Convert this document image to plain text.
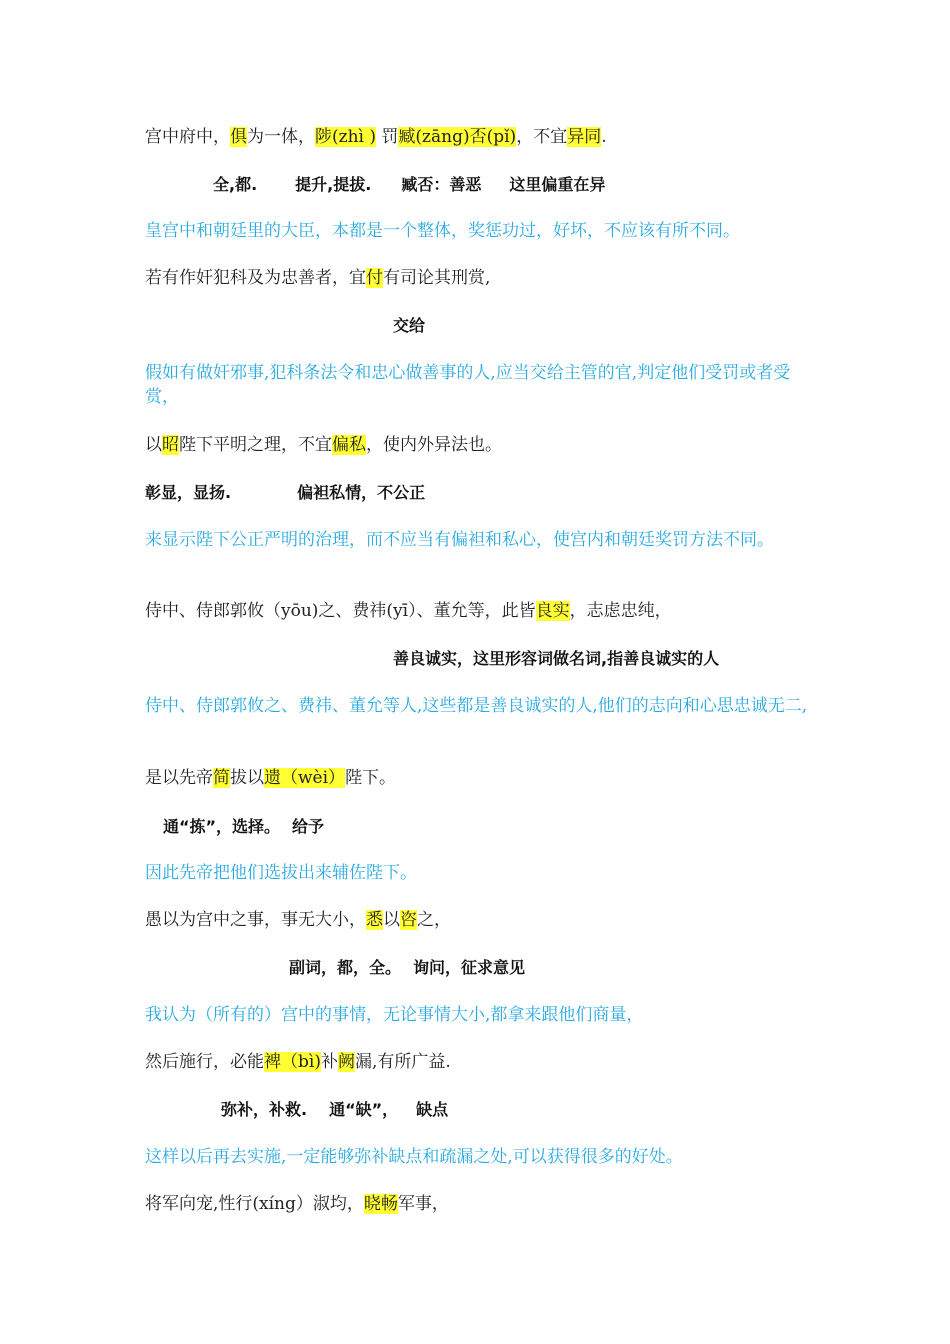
宫中府中，俱为一体，陟(zhì ) 罚臧(zāng)否(pǐ)，不宜异同.
全,都. 提升,提拔. 臧否：善恶 这里偏重在异
皇宫中和朝廷里的大臣，本都是一个整体，奖惩功过，好坏，不应该有所不同。
若有作奸犯科及为忠善者，宜付有司论其刑赏,
交给
假如有做奸邪事,犯科条法令和忠心做善事的人,应当交给主管的官,判定他们受罚或者受赏，
以昭陛下平明之理，不宜偏私，使内外异法也。
彰显，显扬.	偏袒私情，不公正
来显示陛下公正严明的治理，而不应当有偏袒和私心，使宫内和朝廷奖罚方法不同。
侍中、侍郎郭攸（yōu)之、费祎(yī）、董允等，此皆良实，志虑忠纯，
善良诚实，这里形容词做名词,指善良诚实的人
侍中、侍郎郭攸之、费祎、董允等人,这些都是善良诚实的人,他们的志向和心思忠诚无二,
是以先帝简拔以遗（wèi）陛下。
通“拣”，选择。 给予
因此先帝把他们选拔出来辅佐陛下。
愚以为宫中之事，事无大小，悉以咨之，
副词，都，全。 询问，征求意见
我认为（所有的）宫中的事情，无论事情大小,都拿来跟他们商量，
然后施行，必能裨（bì)补阙漏,有所广益.
弥补，补救. 通“缺”， 缺点
这样以后再去实施,一定能够弥补缺点和疏漏之处,可以获得很多的好处。
将军向宠,性行(xíng）淑均，晓畅军事，
